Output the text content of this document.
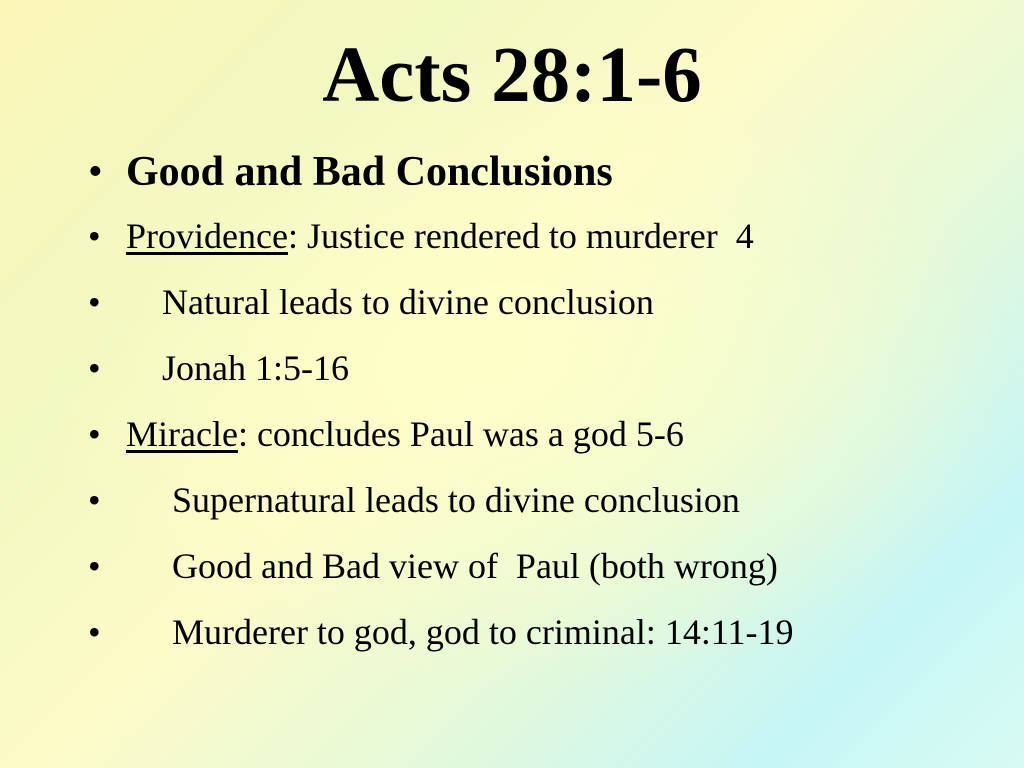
Acts 28:1-6

•

Good and Bad Conclusions

•

Providence: Justice rendered to murderer  4

•

Natural leads to divine conclusion

•

Jonah 1:5-16

•

Miracle: concludes Paul was a god 5-6

•

Supernatural leads to divine conclusion

•

Good and Bad view of  Paul (both wrong)

•

Murderer to god, god to criminal: 14:11-19
